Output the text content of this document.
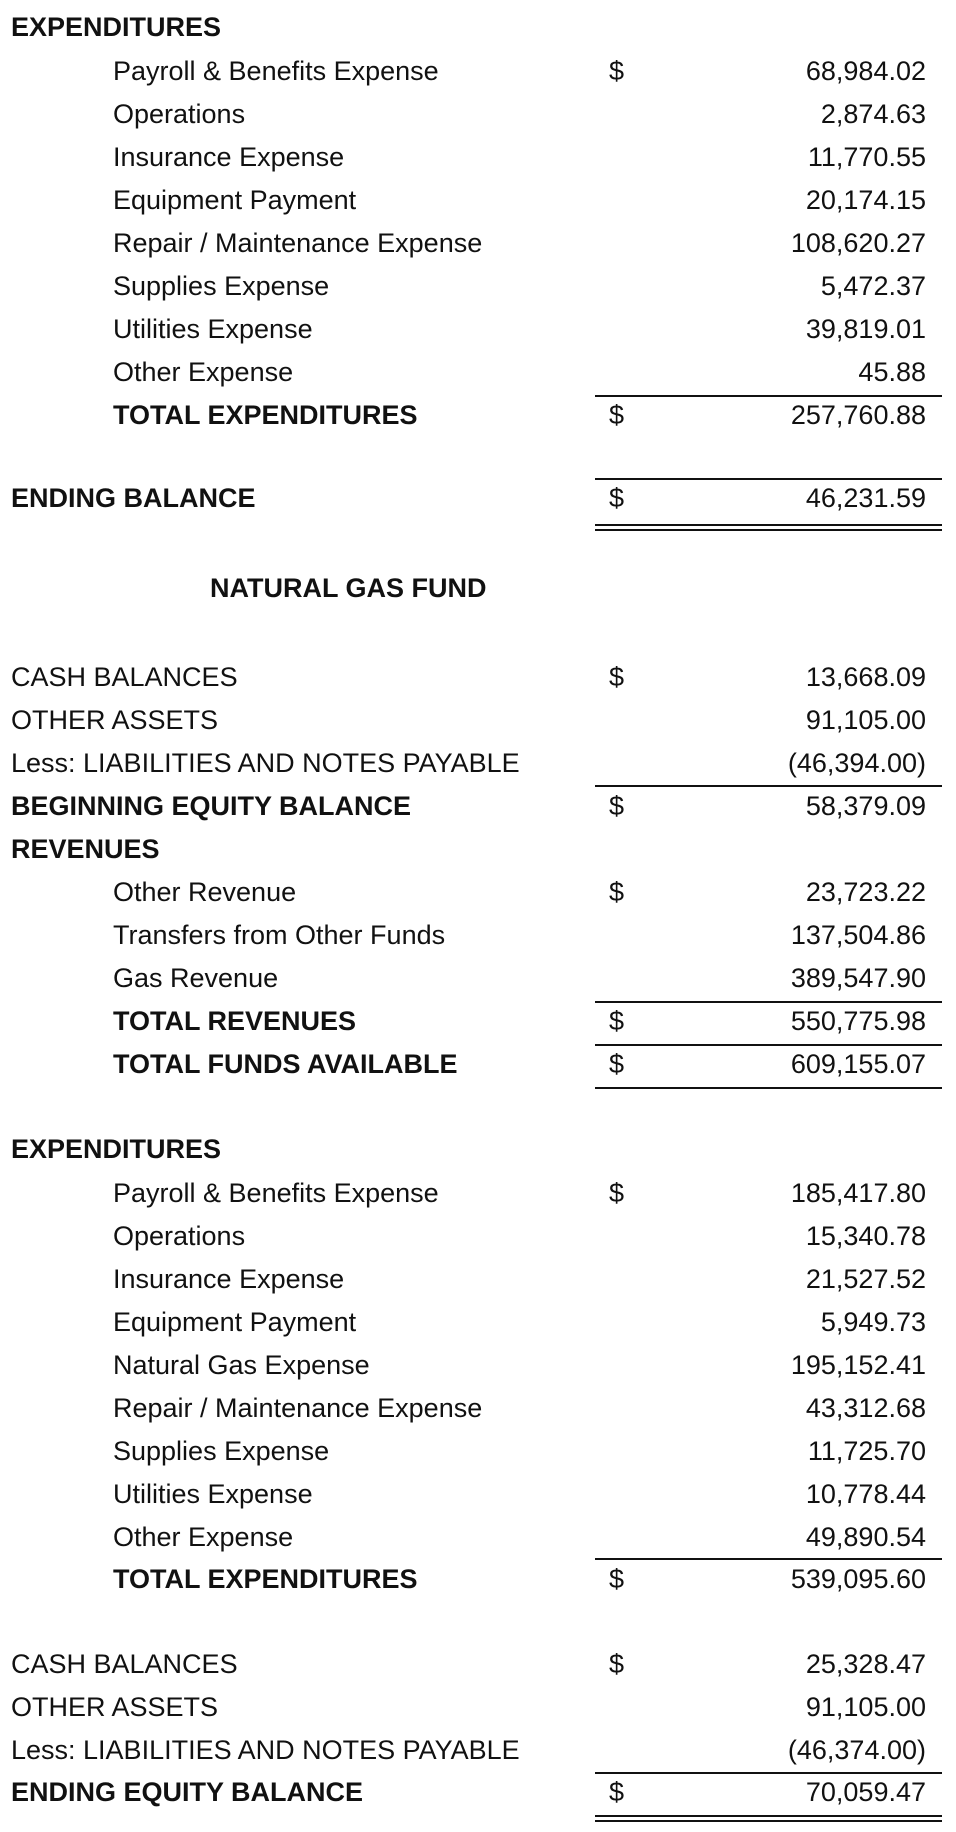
EXPENDITURES
Payroll & Benefits Expense	$	68,984.02
Operations	2,874.63
Insurance Expense	11,770.55
Equipment Payment	20,174.15
Repair / Maintenance Expense	108,620.27
Supplies Expense	5,472.37
Utilities Expense	39,819.01
Other Expense	45.88
TOTAL EXPENDITURES	$	257,760.88
ENDING BALANCE	$	46,231.59
NATURAL GAS FUND
CASH BALANCES	$	13,668.09
OTHER ASSETS	91,105.00
Less: LIABILITIES AND NOTES PAYABLE	(46,394.00)
BEGINNING EQUITY BALANCE	$	58,379.09
REVENUES
Other Revenue	$	23,723.22
Transfers from Other Funds	137,504.86
Gas Revenue	389,547.90
TOTAL REVENUES	$	550,775.98
TOTAL FUNDS AVAILABLE	$	609,155.07
EXPENDITURES
Payroll & Benefits Expense	$	185,417.80
Operations	15,340.78
Insurance Expense	21,527.52
Equipment Payment	5,949.73
Natural Gas Expense	195,152.41
Repair / Maintenance Expense	43,312.68
Supplies Expense	11,725.70
Utilities Expense	10,778.44
Other Expense	49,890.54
TOTAL EXPENDITURES	$	539,095.60
CASH BALANCES	$	25,328.47
OTHER ASSETS	91,105.00
Less: LIABILITIES AND NOTES PAYABLE	(46,374.00)
ENDING EQUITY BALANCE	$	70,059.47
